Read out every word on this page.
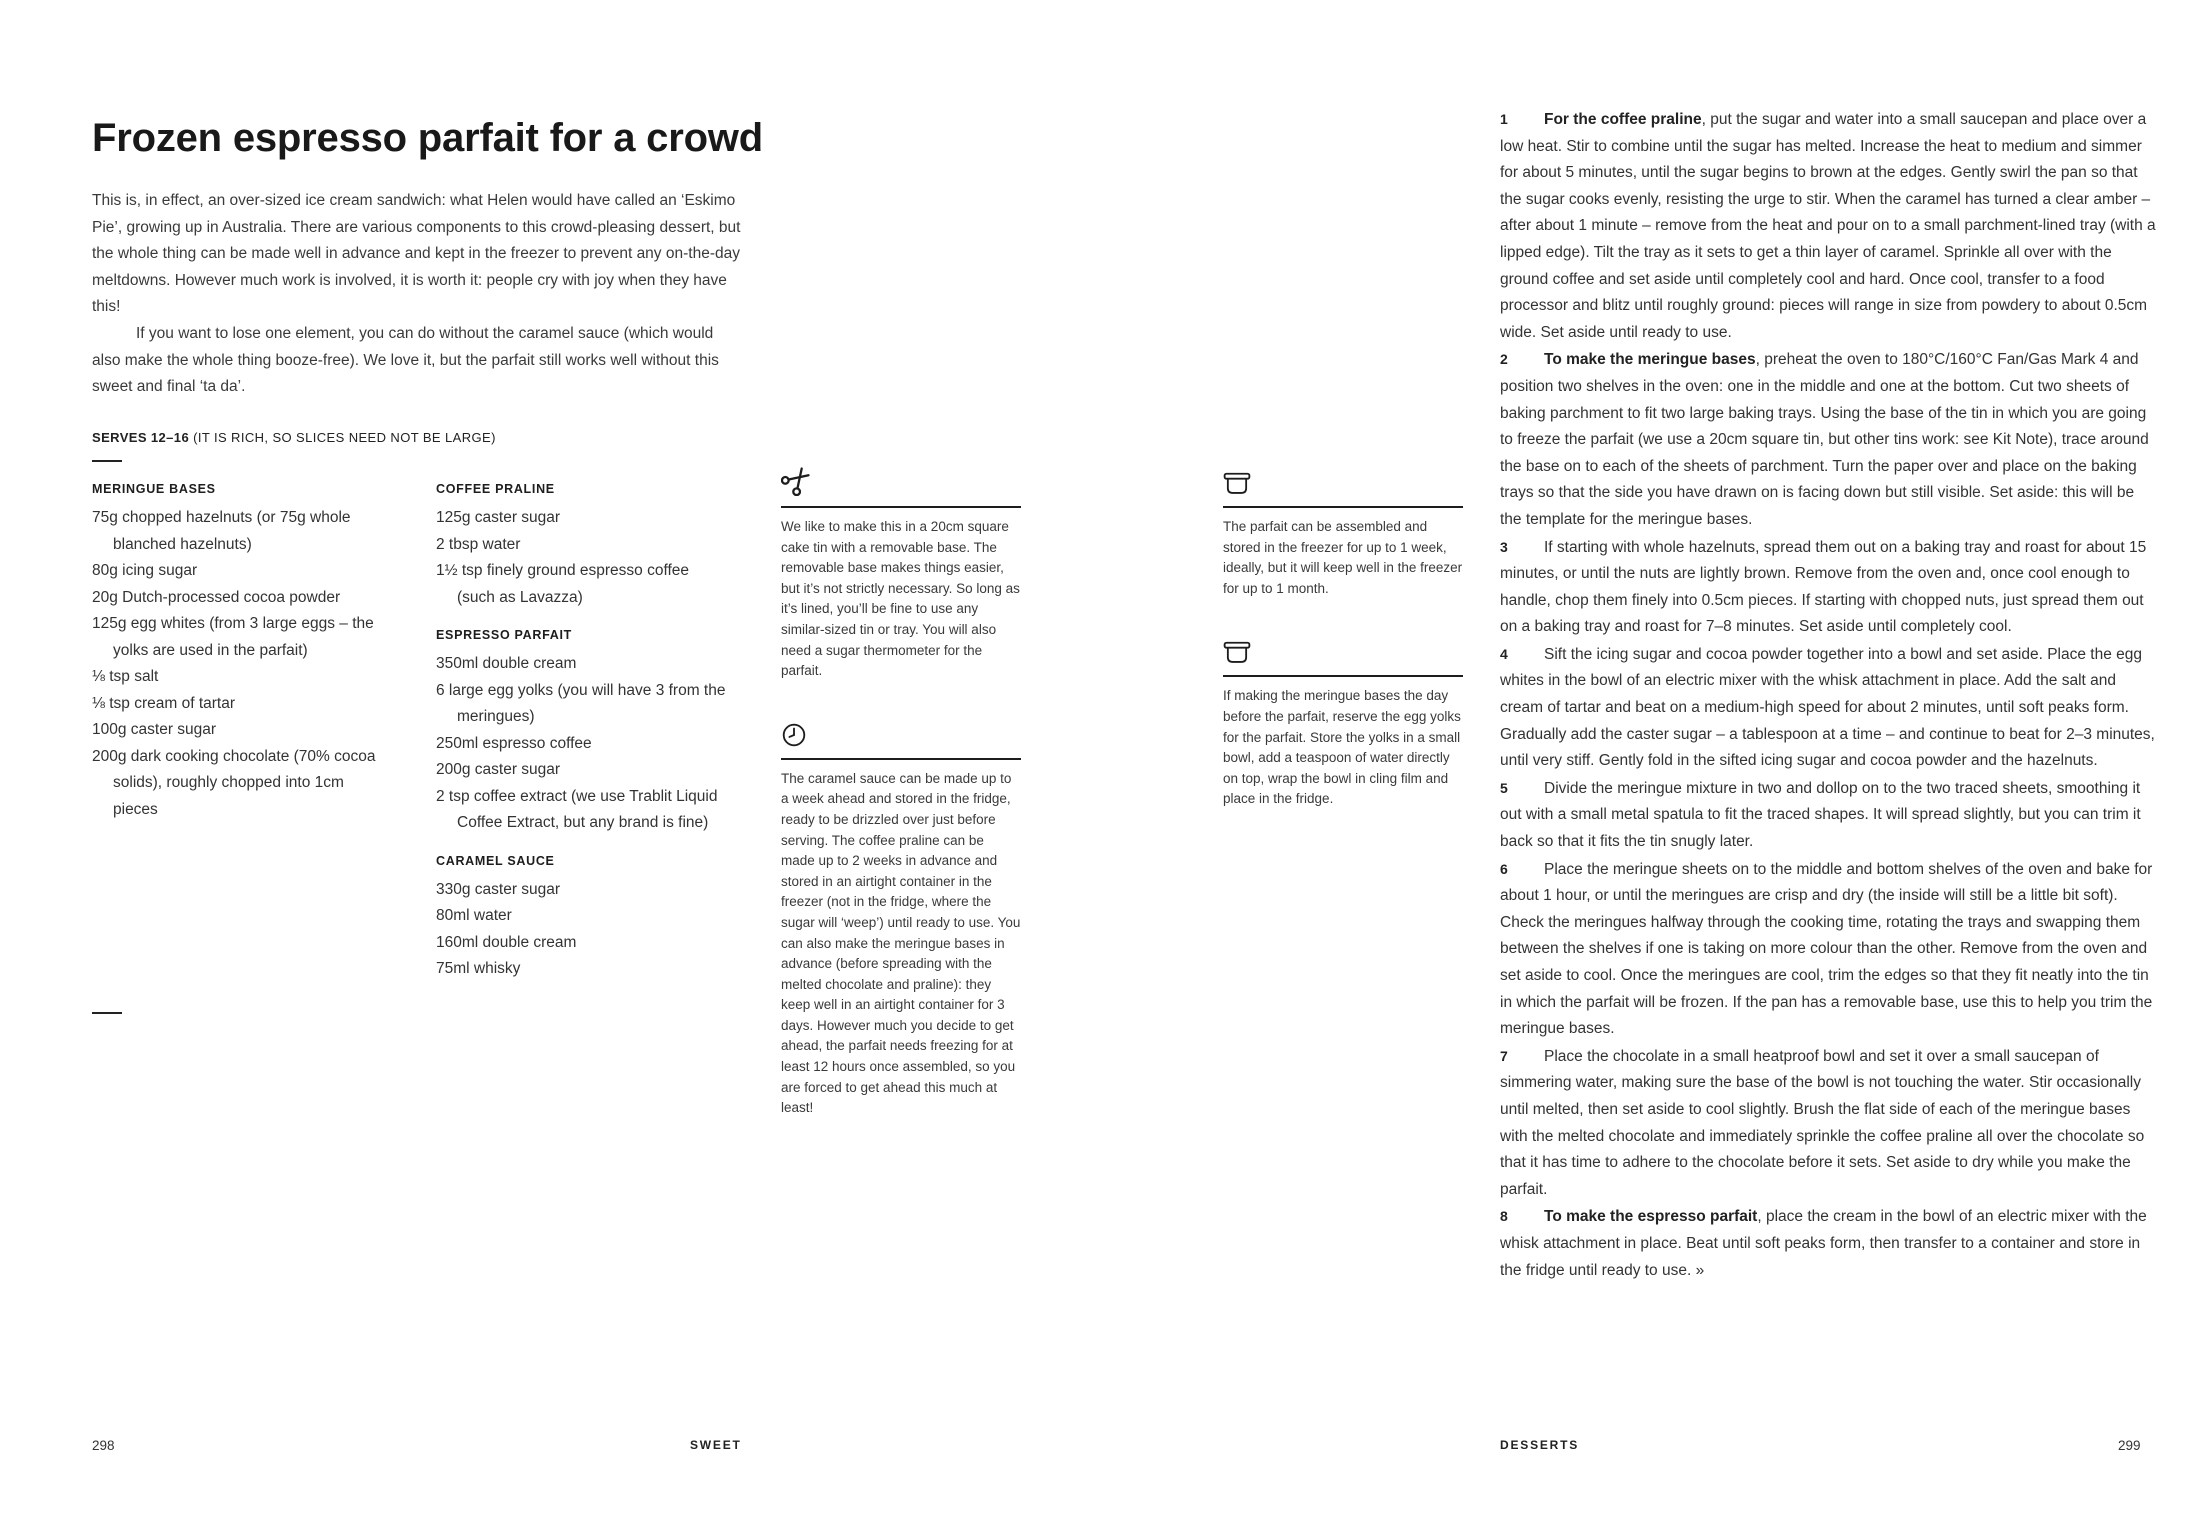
Frozen espresso parfait for a crowd

This is, in effect, an over-sized ice cream sandwich: what Helen would have called an ‘Eskimo Pie’, growing up in Australia. There are various components to this crowd-pleasing dessert, but the whole thing can be made well in advance and kept in the freezer to prevent any on-the-day meltdowns. However much work is involved, it is worth it: people cry with joy when they have this!

If you want to lose one element, you can do without the caramel sauce (which would also make the whole thing booze-free). We love it, but the parfait still works well without this sweet and final ‘ta da’.

SERVES 12–16 (IT IS RICH, SO SLICES NEED NOT BE LARGE)
MERINGUE BASES
75g chopped hazelnuts (or 75g whole blanched hazelnuts)
80g icing sugar
20g Dutch-processed cocoa powder
125g egg whites (from 3 large eggs – the yolks are used in the parfait)
⅛ tsp salt
⅛ tsp cream of tartar
100g caster sugar
200g dark cooking chocolate (70% cocoa solids), roughly chopped into 1cm pieces
COFFEE PRALINE
125g caster sugar
2 tbsp water
1½ tsp finely ground espresso coffee (such as Lavazza)
ESPRESSO PARFAIT
350ml double cream
6 large egg yolks (you will have 3 from the meringues)
250ml espresso coffee
200g caster sugar
2 tsp coffee extract (we use Trablit Liquid Coffee Extract, but any brand is fine)
CARAMEL SAUCE
330g caster sugar
80ml water
160ml double cream
75ml whisky

We like to make this in a 20cm square cake tin with a removable base. The removable base makes things easier, but it’s not strictly necessary. So long as it’s lined, you’ll be fine to use any similar-sized tin or tray. You will also need a sugar thermometer for the parfait.

The caramel sauce can be made up to a week ahead and stored in the fridge, ready to be drizzled over just before serving. The coffee praline can be made up to 2 weeks in advance and stored in an airtight container in the freezer (not in the fridge, where the sugar will ‘weep’) until ready to use. You can also make the meringue bases in advance (before spreading with the melted chocolate and praline): they keep well in an airtight container for 3 days. However much you decide to get ahead, the parfait needs freezing for at least 12 hours once assembled, so you are forced to get ahead this much at least!

The parfait can be assembled and stored in the freezer for up to 1 week, ideally, but it will keep well in the freezer for up to 1 month.

If making the meringue bases the day before the parfait, reserve the egg yolks for the parfait. Store the yolks in a small bowl, add a teaspoon of water directly on top, wrap the bowl in cling film and place in the fridge.

1 For the coffee praline, put the sugar and water into a small saucepan and place over a low heat. Stir to combine until the sugar has melted. Increase the heat to medium and simmer for about 5 minutes, until the sugar begins to brown at the edges. Gently swirl the pan so that the sugar cooks evenly, resisting the urge to stir. When the caramel has turned a clear amber – after about 1 minute – remove from the heat and pour on to a small parchment-lined tray (with a lipped edge). Tilt the tray as it sets to get a thin layer of caramel. Sprinkle all over with the ground coffee and set aside until completely cool and hard. Once cool, transfer to a food processor and blitz until roughly ground: pieces will range in size from powdery to about 0.5cm wide. Set aside until ready to use.

2 To make the meringue bases, preheat the oven to 180°C/160°C Fan/Gas Mark 4 and position two shelves in the oven: one in the middle and one at the bottom. Cut two sheets of baking parchment to fit two large baking trays. Using the base of the tin in which you are going to freeze the parfait (we use a 20cm square tin, but other tins work: see Kit Note), trace around the base on to each of the sheets of parchment. Turn the paper over and place on the baking trays so that the side you have drawn on is facing down but still visible. Set aside: this will be the template for the meringue bases.

3 If starting with whole hazelnuts, spread them out on a baking tray and roast for about 15 minutes, or until the nuts are lightly brown. Remove from the oven and, once cool enough to handle, chop them finely into 0.5cm pieces. If starting with chopped nuts, just spread them out on a baking tray and roast for 7–8 minutes. Set aside until completely cool.

4 Sift the icing sugar and cocoa powder together into a bowl and set aside. Place the egg whites in the bowl of an electric mixer with the whisk attachment in place. Add the salt and cream of tartar and beat on a medium-high speed for about 2 minutes, until soft peaks form. Gradually add the caster sugar – a tablespoon at a time – and continue to beat for 2–3 minutes, until very stiff. Gently fold in the sifted icing sugar and cocoa powder and the hazelnuts.

5 Divide the meringue mixture in two and dollop on to the two traced sheets, smoothing it out with a small metal spatula to fit the traced shapes. It will spread slightly, but you can trim it back so that it fits the tin snugly later.

6 Place the meringue sheets on to the middle and bottom shelves of the oven and bake for about 1 hour, or until the meringues are crisp and dry (the inside will still be a little bit soft). Check the meringues halfway through the cooking time, rotating the trays and swapping them between the shelves if one is taking on more colour than the other. Remove from the oven and set aside to cool. Once the meringues are cool, trim the edges so that they fit neatly into the tin in which the parfait will be frozen. If the pan has a removable base, use this to help you trim the meringue bases.

7 Place the chocolate in a small heatproof bowl and set it over a small saucepan of simmering water, making sure the base of the bowl is not touching the water. Stir occasionally until melted, then set aside to cool slightly. Brush the flat side of each of the meringue bases with the melted chocolate and immediately sprinkle the coffee praline all over the chocolate so that it has time to adhere to the chocolate before it sets. Set aside to dry while you make the parfait.

8 To make the espresso parfait, place the cream in the bowl of an electric mixer with the whisk attachment in place. Beat until soft peaks form, then transfer to a container and store in the fridge until ready to use. »

298	SWEET	DESSERTS	299
